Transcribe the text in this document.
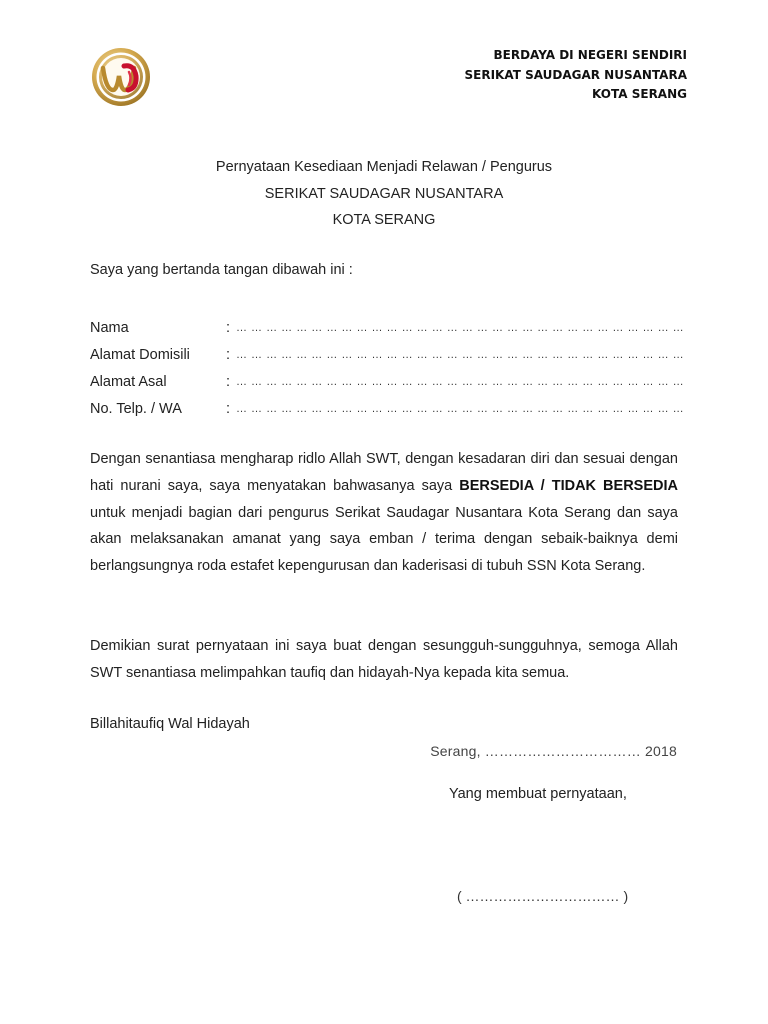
BERDAYA DI NEGERI SENDIRI
SERIKAT SAUDAGAR NUSANTARA
KOTA SERANG
Pernyataan Kesediaan Menjadi Relawan / Pengurus
SERIKAT SAUDAGAR NUSANTARA
KOTA SERANG
Saya yang bertanda tangan dibawah ini :
Nama	: … … … … … … … … … … … … … … … … … … … … … … … … … … … … … …
Alamat Domisili	: … … … … … … … … … … … … … … … … … … … … … … … … … … … … … …
Alamat Asal	: … … … … … … … … … … … … … … … … … … … … … … … … … … … … … …
No. Telp. / WA	: … … … … … … … … … … … … … … … … … … … … … … … … … … … … … …
Dengan senantiasa mengharap ridlo Allah SWT, dengan kesadaran diri dan sesuai dengan hati nurani saya, saya menyatakan bahwasanya saya BERSEDIA / TIDAK BERSEDIA untuk menjadi bagian dari pengurus Serikat Saudagar Nusantara Kota Serang dan saya akan melaksanakan amanat yang saya emban / terima dengan sebaik-baiknya demi berlangsungnya roda estafet kepengurusan dan kaderisasi di tubuh SSN Kota Serang.
Demikian surat pernyataan ini saya buat dengan sesungguh-sungguhnya, semoga Allah SWT senantiasa melimpahkan taufiq dan hidayah-Nya kepada kita semua.
Billahitaufiq Wal Hidayah
Serang, …………………………… 2018
Yang membuat pernyataan,
( …………………………… )
